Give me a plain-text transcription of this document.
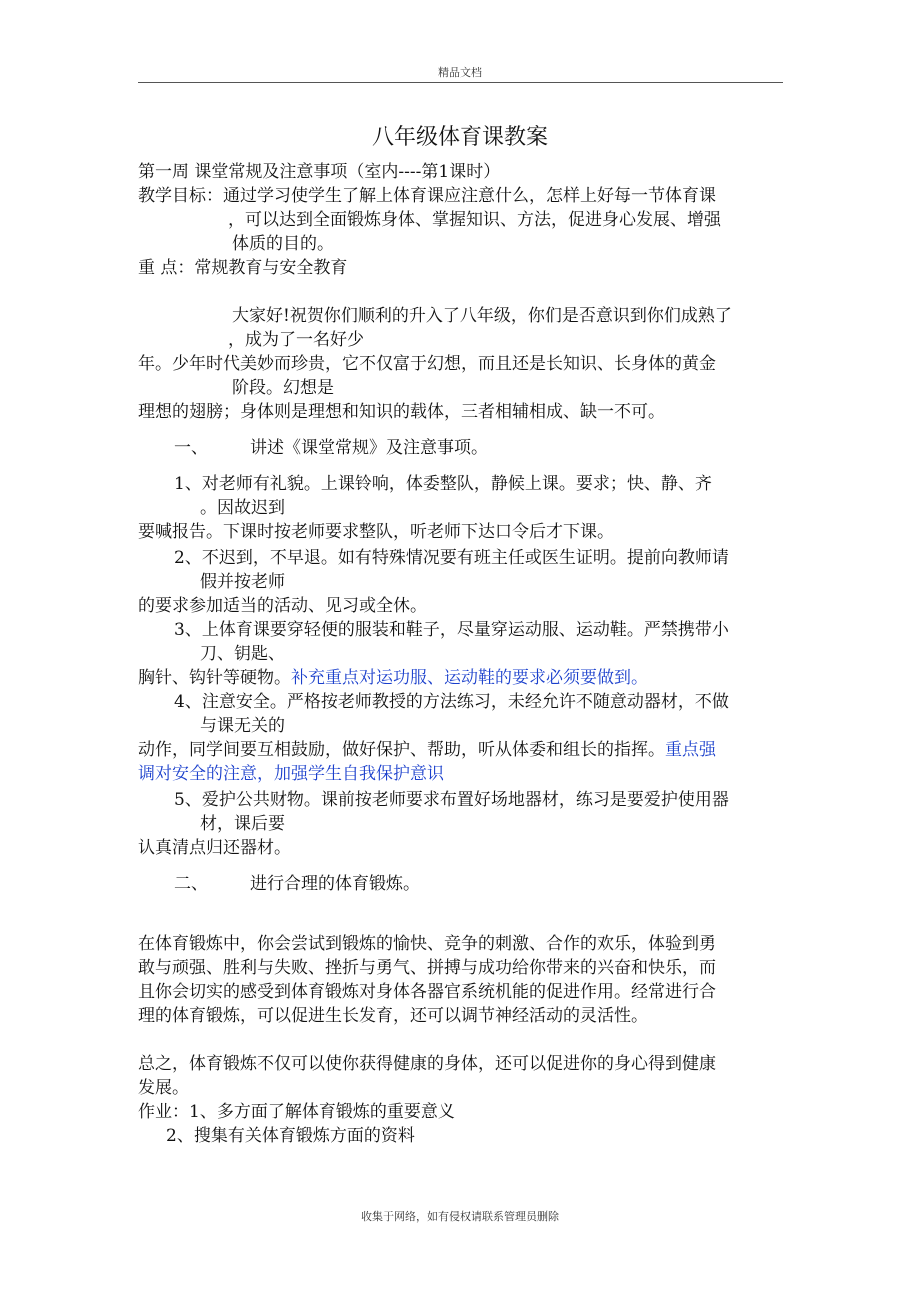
精品文档
八年级体育课教案
第一周 课堂常规及注意事项（室内----第1课时）
教学目标：通过学习使学生了解上体育课应注意什么，怎样上好每一节体育课
，可以达到全面锻炼身体、掌握知识、方法，促进身心发展、增强
体质的目的。
重 点：常规教育与安全教育
大家好!祝贺你们顺利的升入了八年级，你们是否意识到你们成熟了
，成为了一名好少
年。少年时代美妙而珍贵，它不仅富于幻想，而且还是长知识、长身体的黄金
阶段。幻想是
理想的翅膀；身体则是理想和知识的载体，三者相辅相成、缺一不可。
一、 讲述《课堂常规》及注意事项。
1、对老师有礼貌。上课铃响，体委整队，静候上课。要求；快、静、齐
。因故迟到
要喊报告。下课时按老师要求整队，听老师下达口令后才下课。
2、不迟到，不早退。如有特殊情况要有班主任或医生证明。提前向教师请
假并按老师
的要求参加适当的活动、见习或全休。
3、上体育课要穿轻便的服装和鞋子，尽量穿运动服、运动鞋。严禁携带小
刀、钥匙、
胸针、钩针等硬物。补充重点对运功服、运动鞋的要求必须要做到。
4、注意安全。严格按老师教授的方法练习，未经允许不随意动器材，不做
与课无关的
动作，同学间要互相鼓励，做好保护、帮助，听从体委和组长的指挥。重点强
调对安全的注意，加强学生自我保护意识
5、爱护公共财物。课前按老师要求布置好场地器材，练习是要爱护使用器
材，课后要
认真清点归还器材。
二、 进行合理的体育锻炼。
在体育锻炼中，你会尝试到锻炼的愉快、竞争的刺激、合作的欢乐，体验到勇
敢与顽强、胜利与失败、挫折与勇气、拼搏与成功给你带来的兴奋和快乐，而
且你会切实的感受到体育锻炼对身体各器官系统机能的促进作用。经常进行合
理的体育锻炼，可以促进生长发育，还可以调节神经活动的灵活性。
总之，体育锻炼不仅可以使你获得健康的身体，还可以促进你的身心得到健康
发展。
作业：1、多方面了解体育锻炼的重要意义
2、搜集有关体育锻炼方面的资料
收集于网络，如有侵权请联系管理员删除
